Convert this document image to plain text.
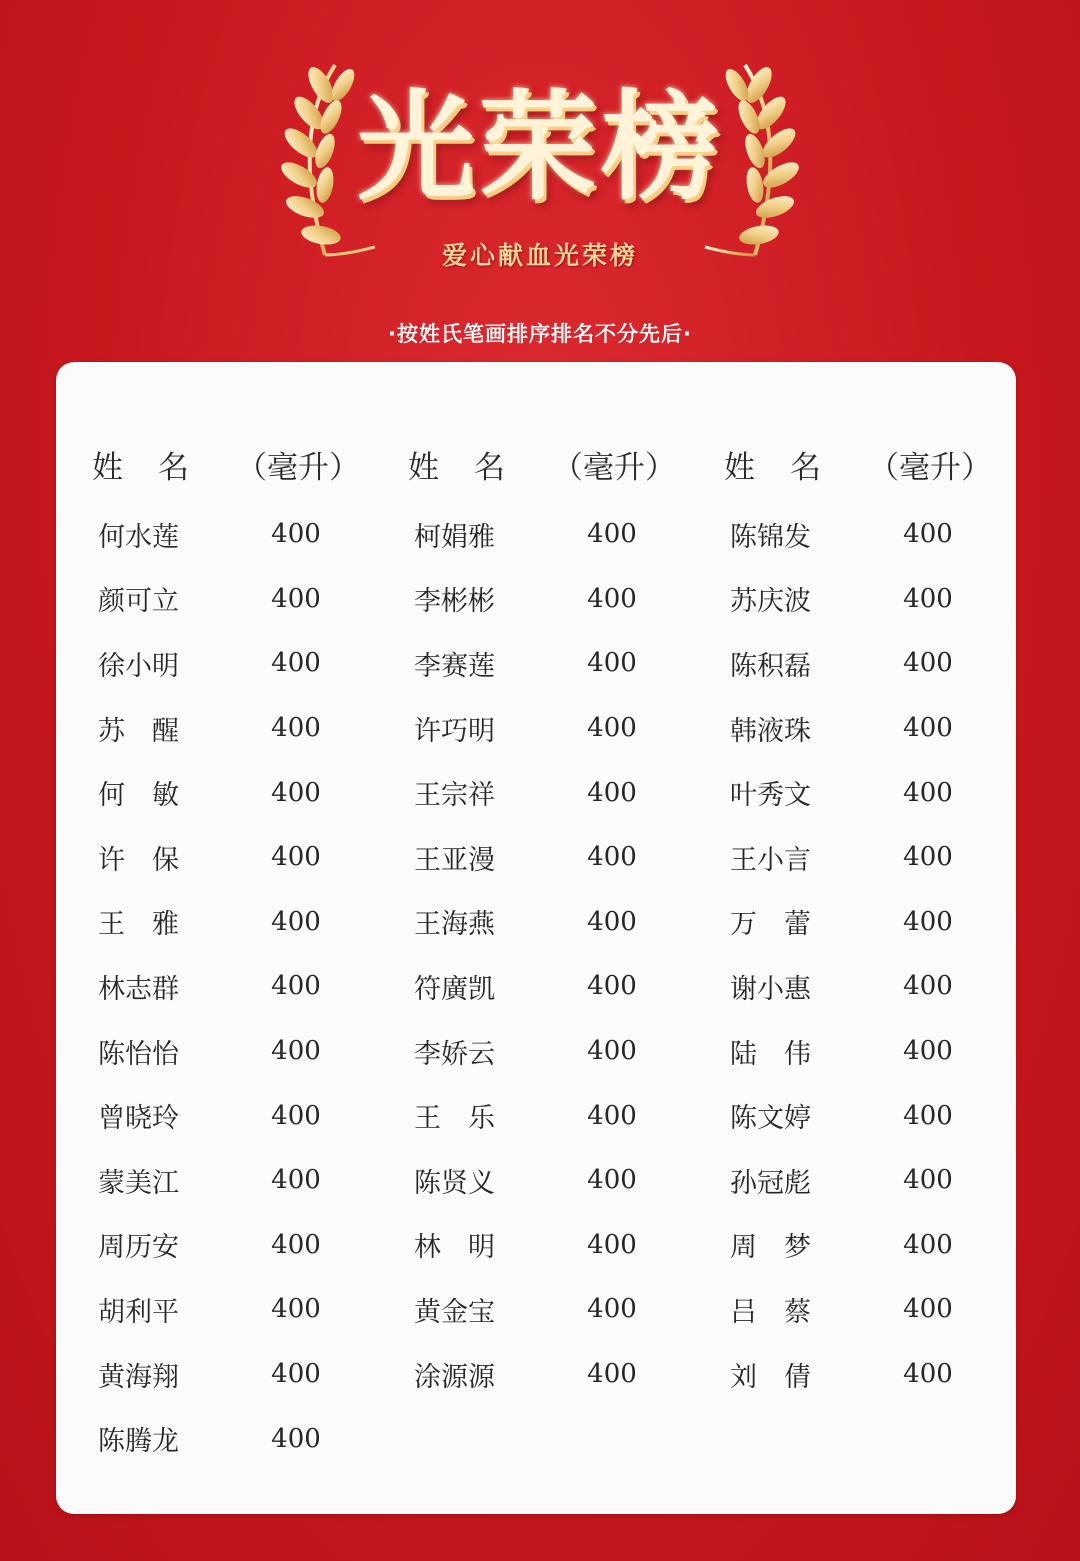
光荣榜
爱心献血光荣榜
·按姓氏笔画排序排名不分先后·
姓　名	（毫升）
何水莲	400
颜可立	400
徐小明	400
苏　醒	400
何　敏	400
许　保	400
王　雅	400
林志群	400
陈怡怡	400
曾晓玲	400
蒙美江	400
周历安	400
胡利平	400
黄海翔	400
陈腾龙	400
姓　名	（毫升）
柯娟雅	400
李彬彬	400
李赛莲	400
许巧明	400
王宗祥	400
王亚漫	400
王海燕	400
符廣凯	400
李娇云	400
王　乐	400
陈贤义	400
林　明	400
黄金宝	400
涂源源	400
姓　名	（毫升）
陈锦发	400
苏庆波	400
陈积磊	400
韩液珠	400
叶秀文	400
王小言	400
万　蕾	400
谢小惠	400
陆　伟	400
陈文婷	400
孙冠彪	400
周　梦	400
吕　蔡	400
刘　倩	400
